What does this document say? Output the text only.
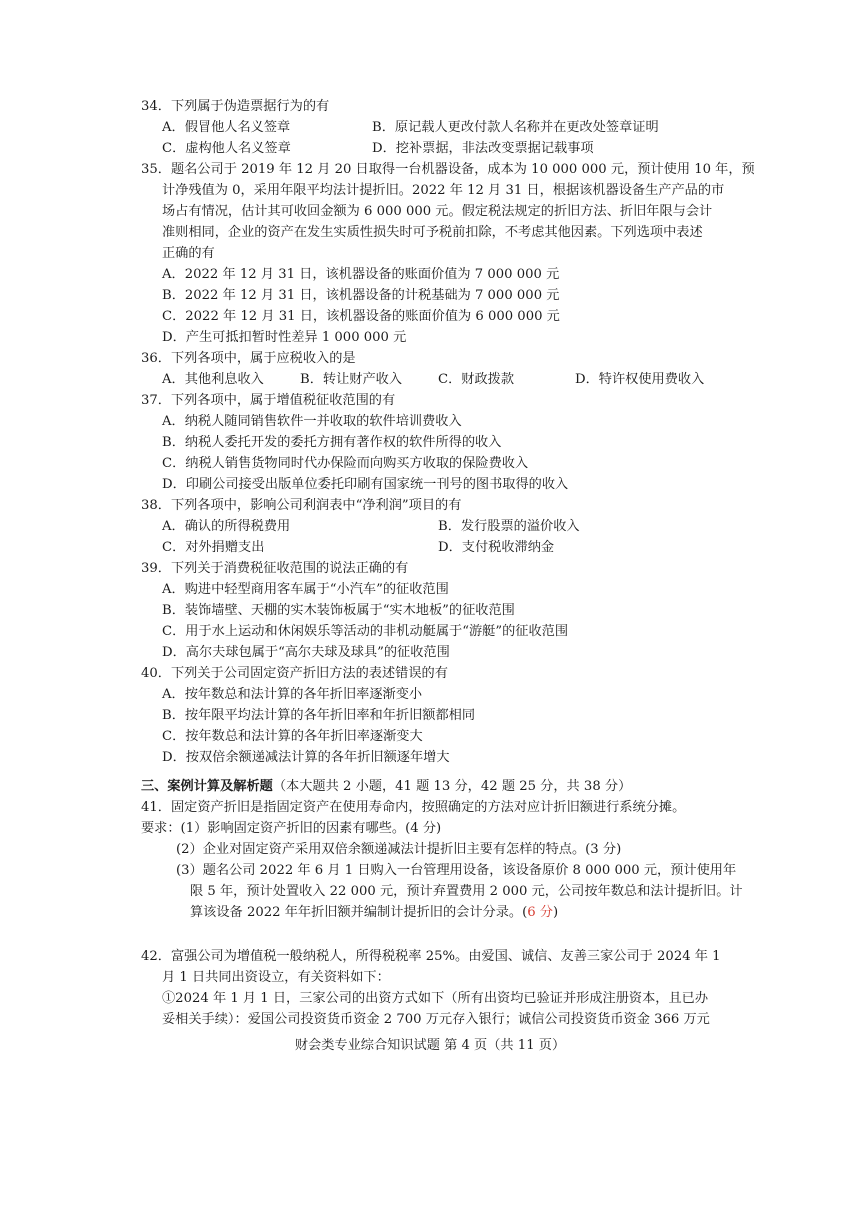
34．下列属于伪造票据行为的有
A．假冒他人名义签章	B．原记载人更改付款人名称并在更改处签章证明
C．虚构他人名义签章	D．挖补票据，非法改变票据记载事项
35．题名公司于 2019 年 12 月 20 日取得一台机器设备，成本为 10 000 000 元，预计使用 10 年，预
计净残值为 0，采用年限平均法计提折旧。2022 年 12 月 31 日，根据该机器设备生产产品的市
场占有情况，估计其可收回金额为 6 000 000 元。假定税法规定的折旧方法、折旧年限与会计
准则相同，企业的资产在发生实质性损失时可予税前扣除，不考虑其他因素。下列选项中表述
正确的有
A．2022 年 12 月 31 日，该机器设备的账面价值为 7 000 000 元
B．2022 年 12 月 31 日，该机器设备的计税基础为 7 000 000 元
C．2022 年 12 月 31 日，该机器设备的账面价值为 6 000 000 元
D．产生可抵扣暂时性差异 1 000 000 元
36．下列各项中，属于应税收入的是
A．其他利息收入	B．转让财产收入	C．财政拨款	D．特许权使用费收入
37．下列各项中，属于增值税征收范围的有
A．纳税人随同销售软件一并收取的软件培训费收入
B．纳税人委托开发的委托方拥有著作权的软件所得的收入
C．纳税人销售货物同时代办保险而向购买方收取的保险费收入
D．印刷公司接受出版单位委托印刷有国家统一刊号的图书取得的收入
38．下列各项中，影响公司利润表中“净利润”项目的有
A．确认的所得税费用	B．发行股票的溢价收入
C．对外捐赠支出	D．支付税收滞纳金
39．下列关于消费税征收范围的说法正确的有
A．购进中轻型商用客车属于“小汽车”的征收范围
B．装饰墙壁、天棚的实木装饰板属于“实木地板”的征收范围
C．用于水上运动和休闲娱乐等活动的非机动艇属于“游艇”的征收范围
D．高尔夫球包属于“高尔夫球及球具”的征收范围
40．下列关于公司固定资产折旧方法的表述错误的有
A．按年数总和法计算的各年折旧率逐渐变小
B．按年限平均法计算的各年折旧率和年折旧额都相同
C．按年数总和法计算的各年折旧率逐渐变大
D．按双倍余额递减法计算的各年折旧额逐年增大
三、案例计算及解析题（本大题共 2 小题，41 题 13 分，42 题 25 分，共 38 分）
41．固定资产折旧是指固定资产在使用寿命内，按照确定的方法对应计折旧额进行系统分摊。
要求：(1）影响固定资产折旧的因素有哪些。(4 分)
(2）企业对固定资产采用双倍余额递减法计提折旧主要有怎样的特点。(3 分)
(3）题名公司 2022 年 6 月 1 日购入一台管理用设备，该设备原价 8 000 000 元，预计使用年
限 5 年，预计处置收入 22 000 元，预计弃置费用 2 000 元，公司按年数总和法计提折旧。计
算该设备 2022 年年折旧额并编制计提折旧的会计分录。(6 分)
42．富强公司为增值税一般纳税人，所得税税率 25%。由爱国、诚信、友善三家公司于 2024 年 1
月 1 日共同出资设立，有关资料如下：
①2024 年 1 月 1 日，三家公司的出资方式如下（所有出资均已验证并形成注册资本，且已办
妥相关手续）：爱国公司投资货币资金 2 700 万元存入银行；诚信公司投资货币资金 366 万元
财会类专业综合知识试题 第 4 页（共 11 页）
